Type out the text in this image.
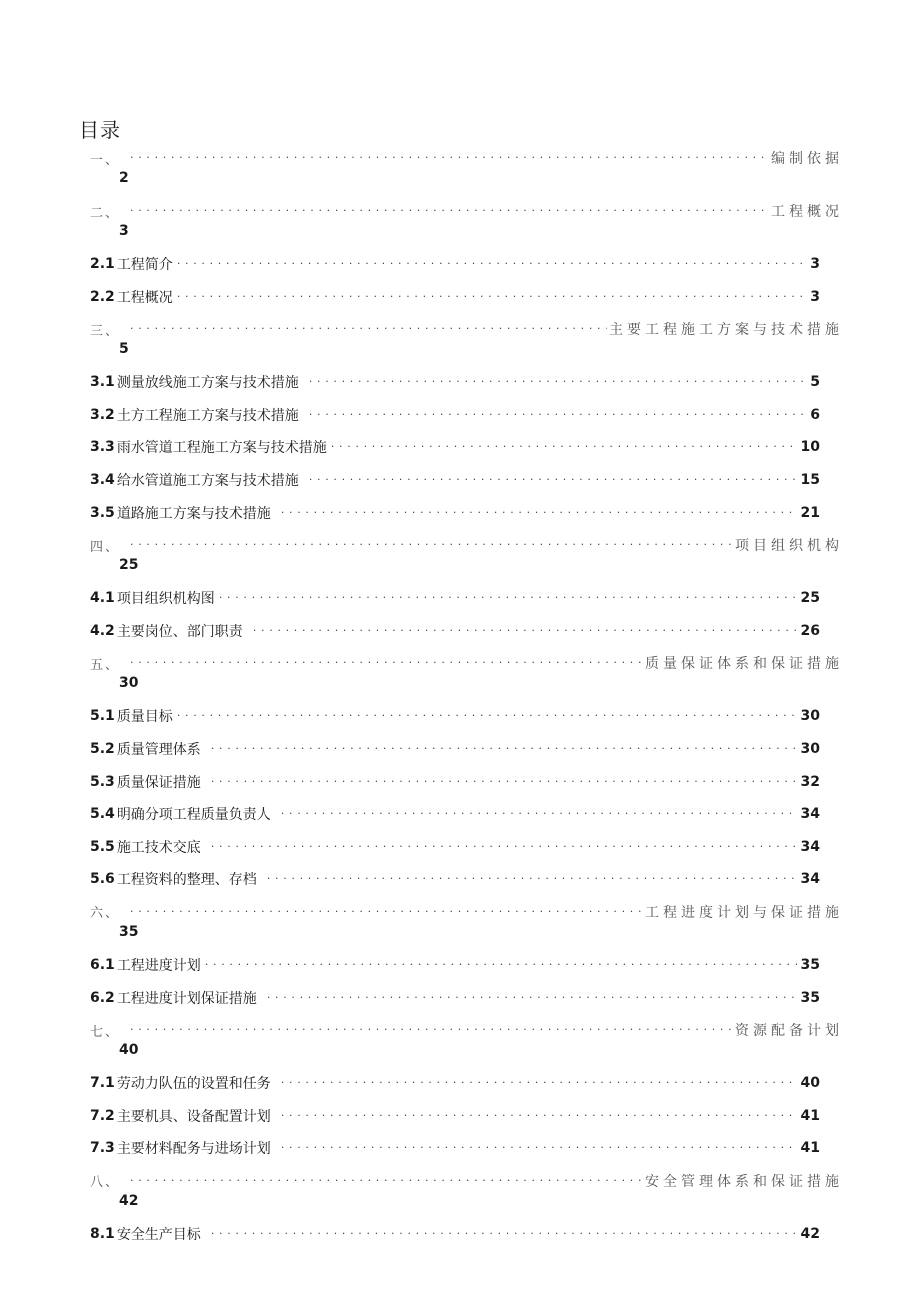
目录
一、 . . .	编制依据
2
二、 . . .	工程概况
3
2.1 工程简介 . . .	3
2.2 工程概况 . . .	3
三、 . . .	主要工程施工方案与技术措施
5
3.1 测量放线施工方案与技术措施 . . .	5
3.2 土方工程施工方案与技术措施 . . .	6
3.3 雨水管道工程施工方案与技术措施 . . .	10
3.4 给水管道施工方案与技术措施 . . .	15
3.5 道路施工方案与技术措施 . . .	21
四、 . . .	项目组织机构
25
4.1 项目组织机构图 . . .	25
4.2 主要岗位、部门职责 . . .	26
五、 . . .	质量保证体系和保证措施
30
5.1 质量目标 . . .	30
5.2 质量管理体系 . . .	30
5.3 质量保证措施 . . .	32
5.4 明确分项工程质量负责人 . . .	34
5.5 施工技术交底 . . .	34
5.6 工程资料的整理、存档 . . .	34
六、 . . .	工程进度计划与保证措施
35
6.1 工程进度计划 . . .	35
6.2 工程进度计划保证措施 . . .	35
七、 . . .	资源配备计划
40
7.1 劳动力队伍的设置和任务 . . .	40
7.2 主要机具、设备配置计划 . . .	41
7.3 主要材料配务与进场计划 . . .	41
八、 . . .	安全管理体系和保证措施
42
8.1 安全生产目标 . . .	42
